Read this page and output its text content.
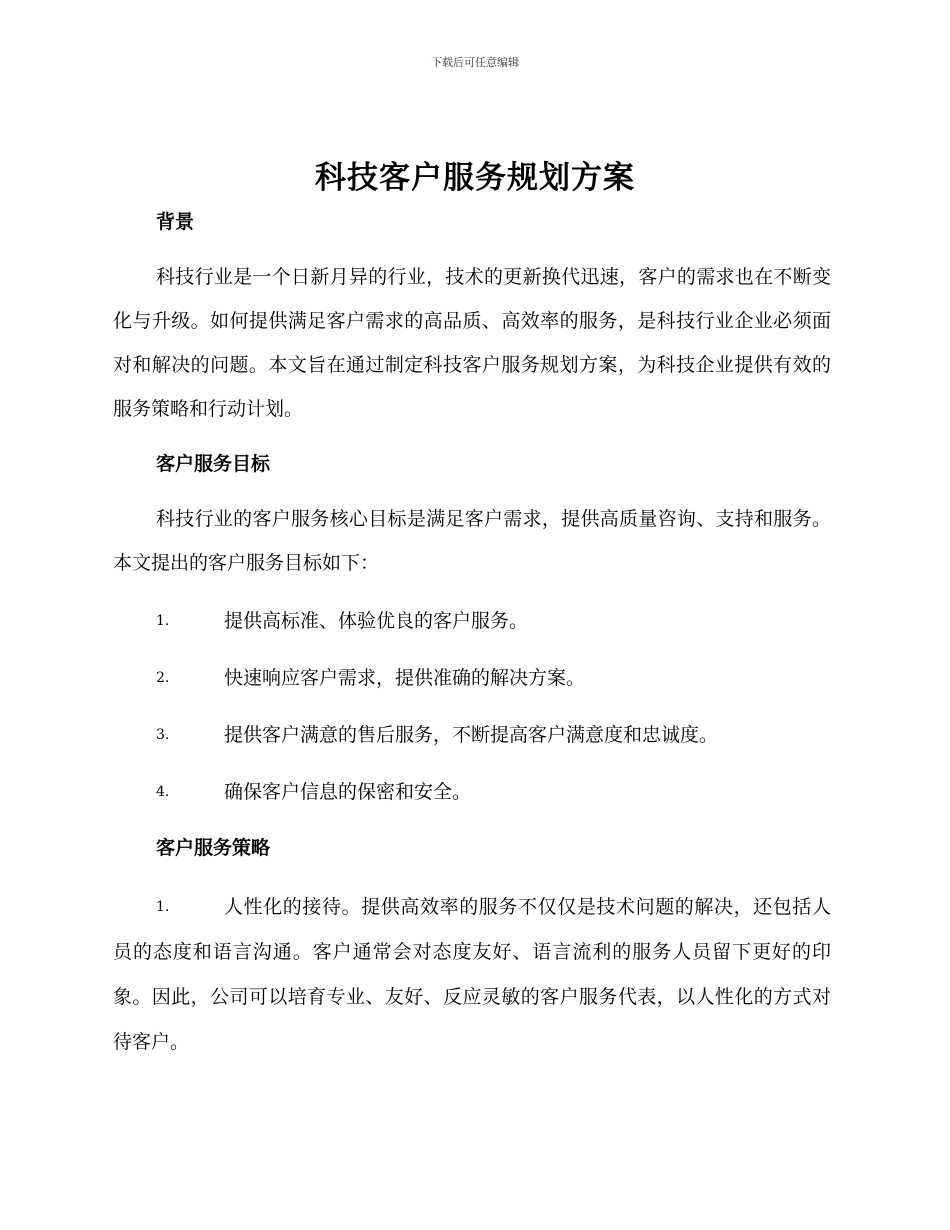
下载后可任意编辑
科技客户服务规划方案
背景

科技行业是一个日新月异的行业，技术的更新换代迅速，客户的需求也在不断变化与升级。如何提供满足客户需求的高品质、高效率的服务，是科技行业企业必须面对和解决的问题。本文旨在通过制定科技客户服务规划方案，为科技企业提供有效的服务策略和行动计划。

客户服务目标

科技行业的客户服务核心目标是满足客户需求，提供高质量咨询、支持和服务。本文提出的客户服务目标如下：

1.	提供高标准、体验优良的客户服务。
2.	快速响应客户需求，提供准确的解决方案。
3.	提供客户满意的售后服务，不断提高客户满意度和忠诚度。
4.	确保客户信息的保密和安全。
客户服务策略

1.	人性化的接待。提供高效率的服务不仅仅是技术问题的解决，还包括人员的态度和语言沟通。客户通常会对态度友好、语言流利的服务人员留下更好的印象。因此，公司可以培育专业、友好、反应灵敏的客户服务代表，以人性化的方式对待客户。
